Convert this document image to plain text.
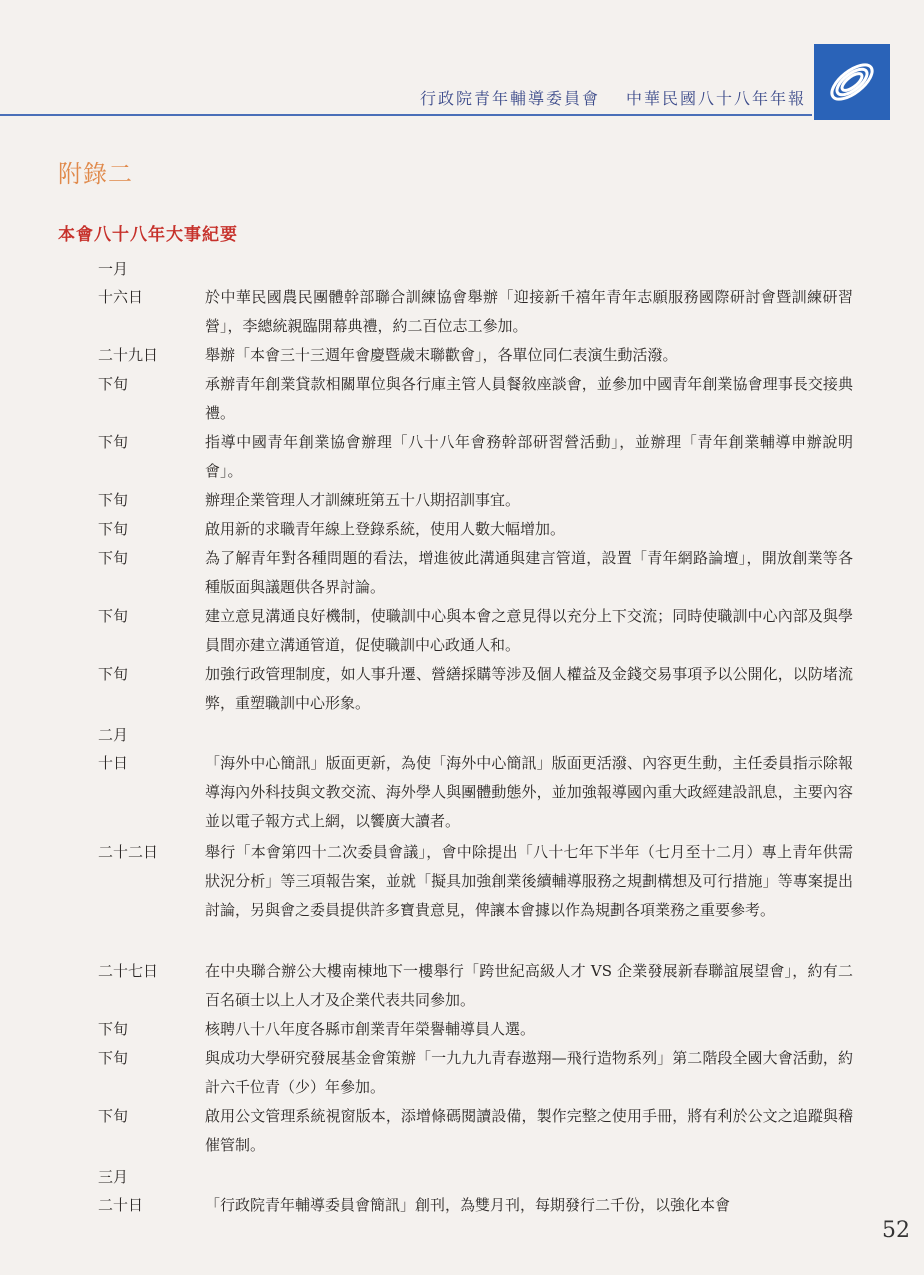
行政院青年輔導委員會 中華民國八十八年年報
附錄二
本會八十八年大事紀要
一月
十六日	於中華民國農民團體幹部聯合訓練協會舉辦「迎接新千禧年青年志願服務國際研討會暨訓練研習營」，李總統親臨開幕典禮，約二百位志工參加。
二十九日	舉辦「本會三十三週年會慶暨歲末聯歡會」，各單位同仁表演生動活潑。
下旬	承辦青年創業貸款相關單位與各行庫主管人員餐敘座談會，並參加中國青年創業協會理事長交接典禮。
下旬	指導中國青年創業協會辦理「八十八年會務幹部研習營活動」，並辦理「青年創業輔導申辦說明會」。
下旬	辦理企業管理人才訓練班第五十八期招訓事宜。
下旬	啟用新的求職青年線上登錄系統，使用人數大幅增加。
下旬	為了解青年對各種問題的看法，增進彼此溝通與建言管道，設置「青年網路論壇」，開放創業等各種版面與議題供各界討論。
下旬	建立意見溝通良好機制，使職訓中心與本會之意見得以充分上下交流；同時使職訓中心內部及與學員間亦建立溝通管道，促使職訓中心政通人和。
下旬	加強行政管理制度，如人事升遷、營繕採購等涉及個人權益及金錢交易事項予以公開化，以防堵流弊，重塑職訓中心形象。
二月
十日	「海外中心簡訊」版面更新，為使「海外中心簡訊」版面更活潑、內容更生動，主任委員指示除報導海內外科技與文教交流、海外學人與團體動態外，並加強報導國內重大政經建設訊息，主要內容並以電子報方式上網，以饗廣大讀者。
二十二日	舉行「本會第四十二次委員會議」，會中除提出「八十七年下半年（七月至十二月）專上青年供需狀況分析」等三項報告案，並就「擬具加強創業後續輔導服務之規劃構想及可行措施」等專案提出討論，另與會之委員提供許多寶貴意見，俾讓本會據以作為規劃各項業務之重要參考。
二十七日	在中央聯合辦公大樓南棟地下一樓舉行「跨世紀高級人才 VS 企業發展新春聯誼展望會」，約有二百名碩士以上人才及企業代表共同參加。
下旬	核聘八十八年度各縣市創業青年榮譽輔導員人選。
下旬	與成功大學研究發展基金會策辦「一九九九青春遨翔—飛行造物系列」第二階段全國大會活動，約計六千位青（少）年參加。
下旬	啟用公文管理系統視窗版本，添增條碼閱讀設備，製作完整之使用手冊，將有利於公文之追蹤與稽催管制。
三月
二十日	「行政院青年輔導委員會簡訊」創刊，為雙月刊，每期發行二千份，以強化本會
52
